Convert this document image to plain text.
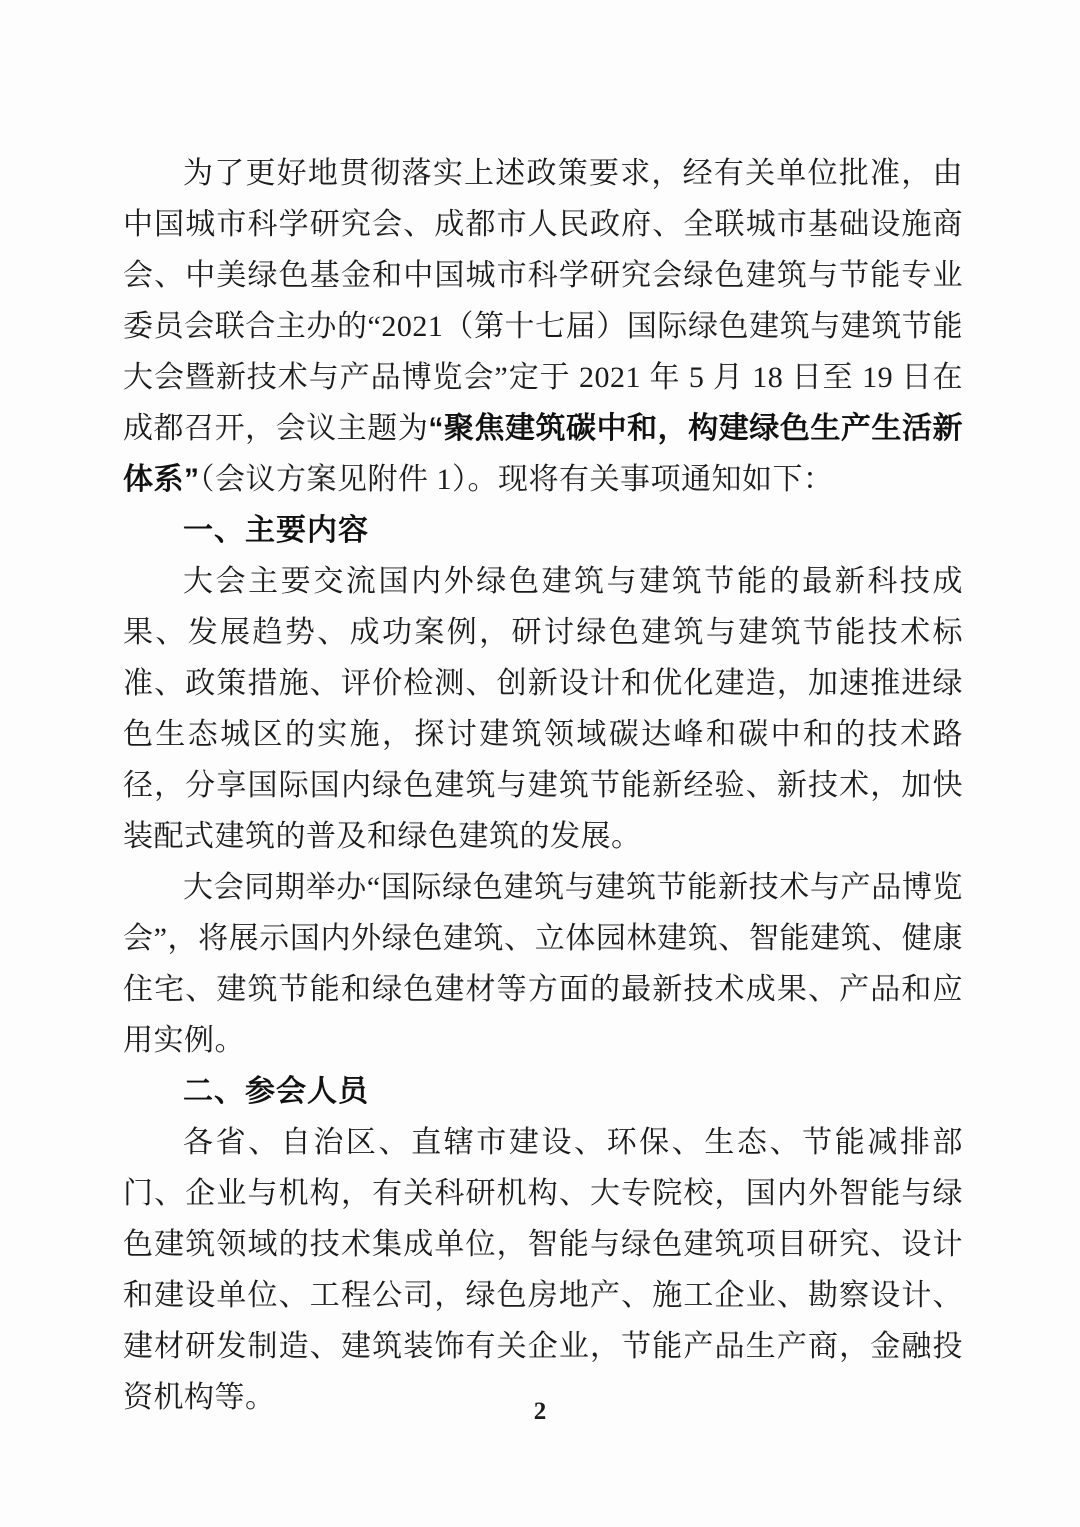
为了更好地贯彻落实上述政策要求，经有关单位批准，由中国城市科学研究会、成都市人民政府、全联城市基础设施商会、中美绿色基金和中国城市科学研究会绿色建筑与节能专业委员会联合主办的“2021（第十七届）国际绿色建筑与建筑节能大会暨新技术与产品博览会”定于 2021 年 5 月 18 日至 19 日在成都召开，会议主题为“聚焦建筑碳中和，构建绿色生产生活新体系”（会议方案见附件 1）。现将有关事项通知如下：

一、主要内容

大会主要交流国内外绿色建筑与建筑节能的最新科技成果、发展趋势、成功案例，研讨绿色建筑与建筑节能技术标准、政策措施、评价检测、创新设计和优化建造，加速推进绿色生态城区的实施，探讨建筑领域碳达峰和碳中和的技术路径，分享国际国内绿色建筑与建筑节能新经验、新技术，加快装配式建筑的普及和绿色建筑的发展。

大会同期举办“国际绿色建筑与建筑节能新技术与产品博览会”，将展示国内外绿色建筑、立体园林建筑、智能建筑、健康住宅、建筑节能和绿色建材等方面的最新技术成果、产品和应用实例。

二、参会人员

各省、自治区、直辖市建设、环保、生态、节能减排部门、企业与机构，有关科研机构、大专院校，国内外智能与绿色建筑领域的技术集成单位，智能与绿色建筑项目研究、设计和建设单位、工程公司，绿色房地产、施工企业、勘察设计、建材研发制造、建筑装饰有关企业，节能产品生产商，金融投资机构等。	2
